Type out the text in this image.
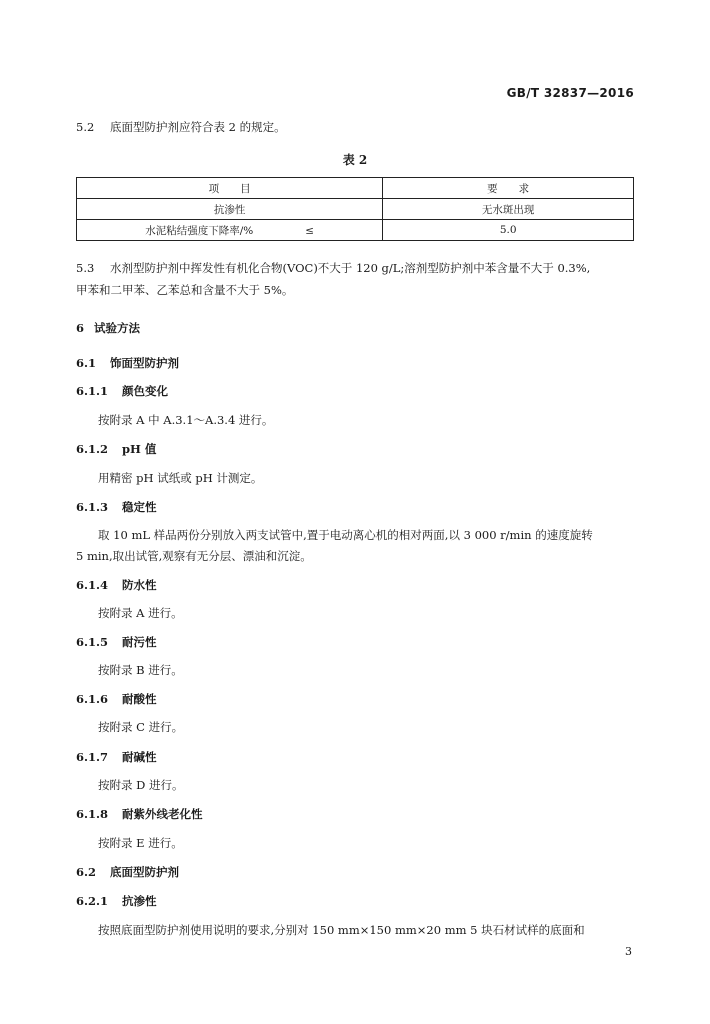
GB/T 32837—2016
5.2 底面型防护剂应符合表 2 的规定。
表 2
项　　目	要　　求
抗渗性	无水斑出现
水泥粘结强度下降率/% ≤	5.0
5.3 水剂型防护剂中挥发性有机化合物(VOC)不大于 120 g/L;溶剂型防护剂中苯含量不大于 0.3%,
甲苯和二甲苯、乙苯总和含量不大于 5%。
6 试验方法
6.1 饰面型防护剂
6.1.1 颜色变化
按附录 A 中 A.3.1～A.3.4 进行。
6.1.2 pH 值
用精密 pH 试纸或 pH 计测定。
6.1.3 稳定性
取 10 mL 样品两份分别放入两支试管中,置于电动离心机的相对两面,以 3 000 r/min 的速度旋转
5 min,取出试管,观察有无分层、漂油和沉淀。
6.1.4 防水性
按附录 A 进行。
6.1.5 耐污性
按附录 B 进行。
6.1.6 耐酸性
按附录 C 进行。
6.1.7 耐碱性
按附录 D 进行。
6.1.8 耐紫外线老化性
按附录 E 进行。
6.2 底面型防护剂
6.2.1 抗渗性
按照底面型防护剂使用说明的要求,分别对 150 mm×150 mm×20 mm 5 块石材试样的底面和
3
